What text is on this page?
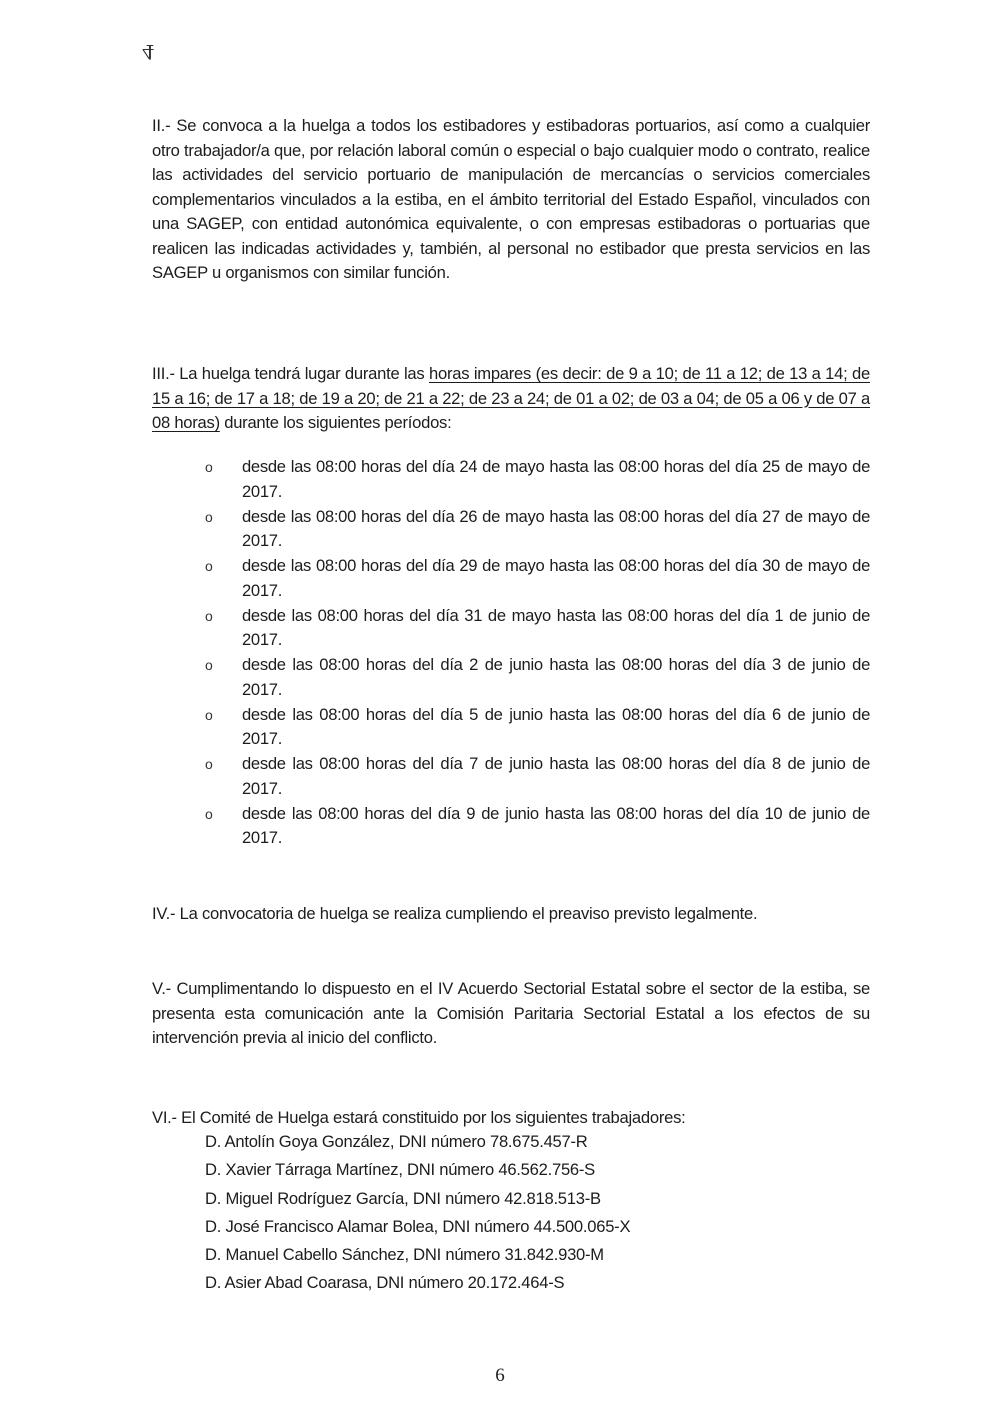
4

II.- Se convoca a la huelga a todos los estibadores y estibadoras portuarios, así como a cualquier otro trabajador/a que, por relación laboral común o especial o bajo cualquier modo o contrato, realice las actividades del servicio portuario de manipulación de mercancías o servicios comerciales complementarios vinculados a la estiba, en el ámbito territorial del Estado Español, vinculados con una SAGEP, con entidad autonómica equivalente, o con empresas estibadoras o portuarias que realicen las indicadas actividades y, también, al personal no estibador que presta servicios en las SAGEP u organismos con similar función.

III.- La huelga tendrá lugar durante las horas impares (es decir: de 9 a 10; de 11 a 12; de 13 a 14; de 15 a 16; de 17 a 18; de 19 a 20; de 21 a 22; de 23 a 24; de 01 a 02; de 03 a 04; de 05 a 06 y de 07 a 08 horas) durante los siguientes períodos:

o desde las 08:00 horas del día 24 de mayo hasta las 08:00 horas del día 25 de mayo de 2017.
o desde las 08:00 horas del día 26 de mayo hasta las 08:00 horas del día 27 de mayo de 2017.
o desde las 08:00 horas del día 29 de mayo hasta las 08:00 horas del día 30 de mayo de 2017.
o desde las 08:00 horas del día 31 de mayo hasta las 08:00 horas del día 1 de junio de 2017.
o desde las 08:00 horas del día 2 de junio hasta las 08:00 horas del día 3 de junio de 2017.
o desde las 08:00 horas del día 5 de junio hasta las 08:00 horas del día 6 de junio de 2017.
o desde las 08:00 horas del día 7 de junio hasta las 08:00 horas del día 8 de junio de 2017.
o desde las 08:00 horas del día 9 de junio hasta las 08:00 horas del día 10 de junio de 2017.

IV.- La convocatoria de huelga se realiza cumpliendo el preaviso previsto legalmente.

V.- Cumplimentando lo dispuesto en el IV Acuerdo Sectorial Estatal sobre el sector de la estiba, se presenta esta comunicación ante la Comisión Paritaria Sectorial Estatal a los efectos de su intervención previa al inicio del conflicto.

VI.- El Comité de Huelga estará constituido por los siguientes trabajadores:

D. Antolín Goya González, DNI número 78.675.457-R
D. Xavier Tárraga Martínez, DNI número 46.562.756-S
D. Miguel Rodríguez García, DNI número 42.818.513-B
D. José Francisco Alamar Bolea, DNI número 44.500.065-X
D. Manuel Cabello Sánchez, DNI número 31.842.930-M
D. Asier Abad Coarasa, DNI número 20.172.464-S
6
